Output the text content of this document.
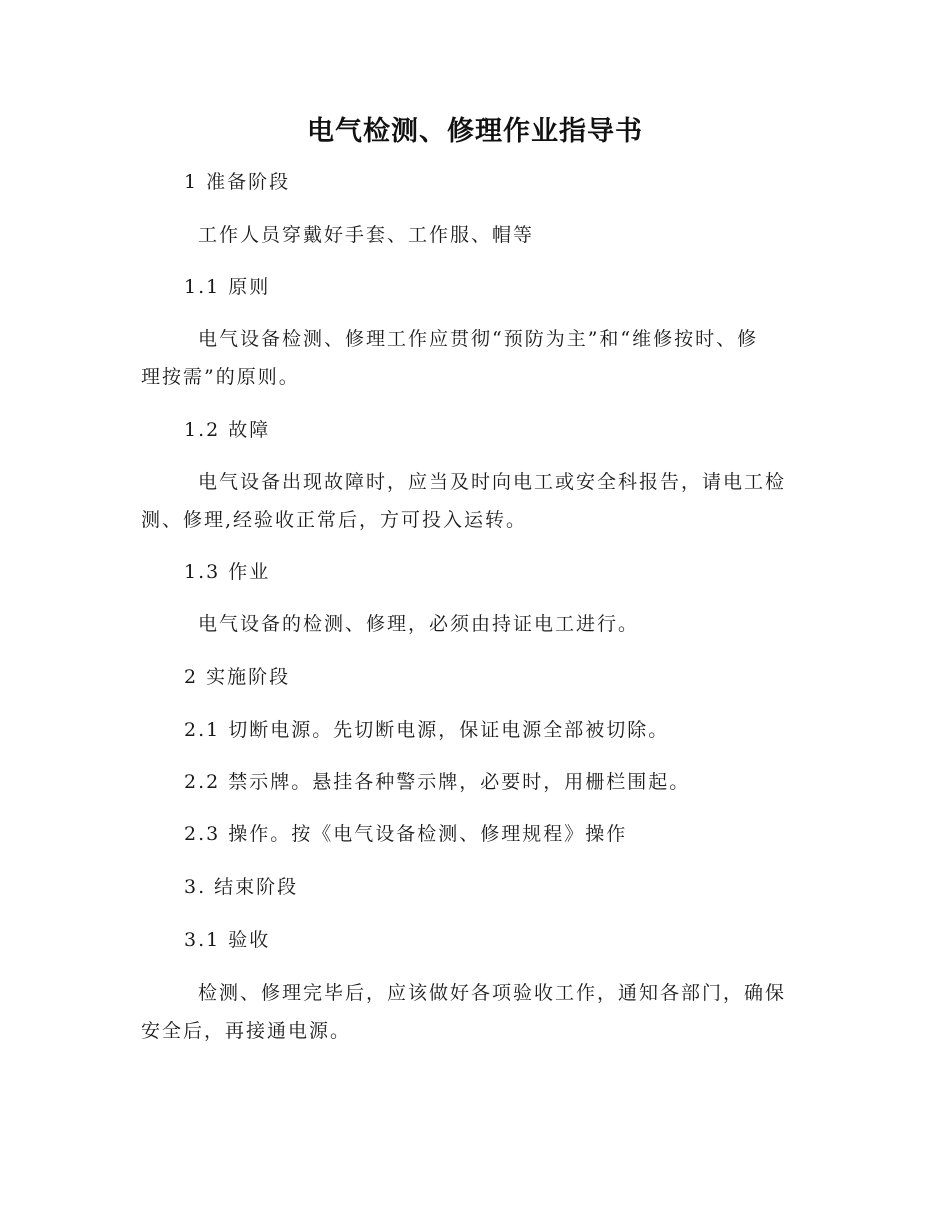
电气检测、修理作业指导书
1 准备阶段
工作人员穿戴好手套、工作服、帽等
1.1 原则
电气设备检测、修理工作应贯彻“预防为主”和“维修按时、修
理按需”的原则。
1.2 故障
电气设备出现故障时，应当及时向电工或安全科报告，请电工检
测、修理,经验收正常后，方可投入运转。
1.3 作业
电气设备的检测、修理，必须由持证电工进行。
2 实施阶段
2.1 切断电源。先切断电源，保证电源全部被切除。
2.2 禁示牌。悬挂各种警示牌，必要时，用栅栏围起。
2.3 操作。按《电气设备检测、修理规程》操作
3. 结束阶段
3.1 验收
检测、修理完毕后，应该做好各项验收工作，通知各部门，确保
安全后，再接通电源。
